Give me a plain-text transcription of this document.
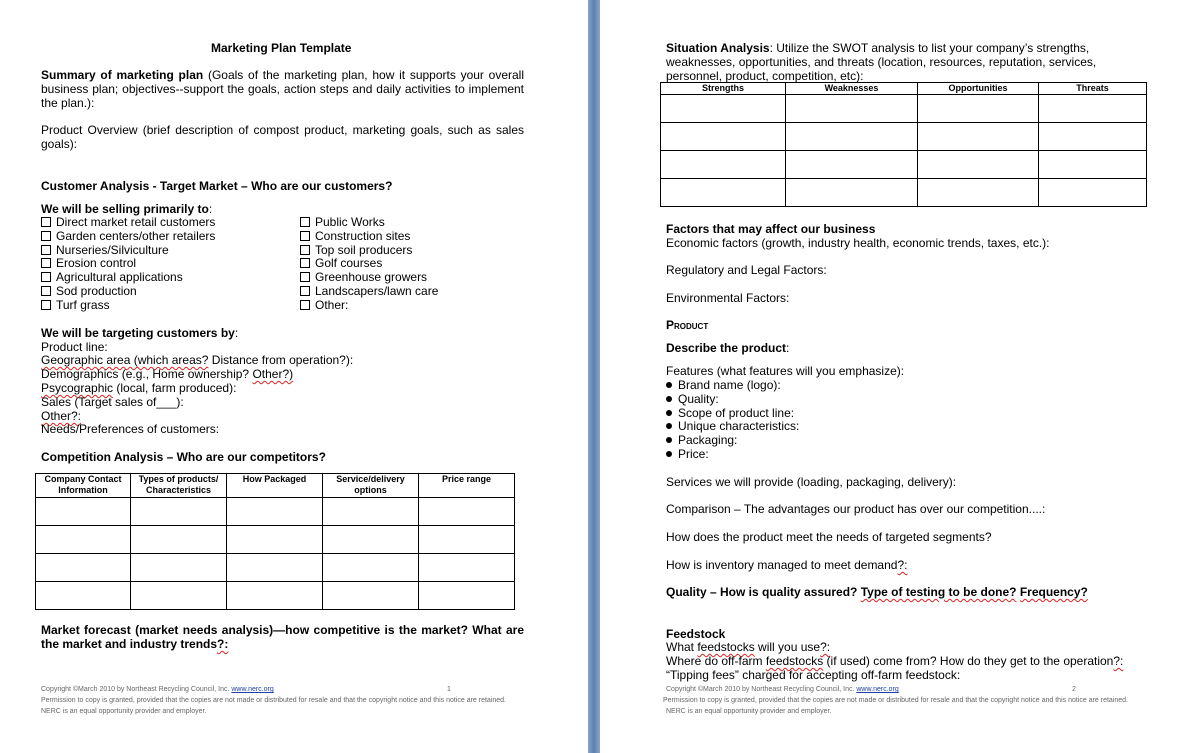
Marketing Plan Template
Summary of marketing plan (Goals of the marketing plan, how it supports your overall business plan; objectives--support the goals, action steps and daily activities to implement the plan.):
Product Overview (brief description of compost product, marketing goals, such as sales goals):
Customer Analysis - Target Market – Who are our customers?
We will be selling primarily to:
Direct market retail customers
Garden centers/other retailers
Nurseries/Silviculture
Erosion control
Agricultural applications
Sod production
Turf grass
Public Works
Construction sites
Top soil producers
Golf courses
Greenhouse growers
Landscapers/lawn care
Other:
We will be targeting customers by:
Product line:
Geographic area (which areas? Distance from operation?):
Demographics (e.g., Home ownership? Other?)
Psycographic (local, farm produced):
Sales (Target sales of___):
Other?:
Needs/Preferences of customers:
Competition Analysis – Who are our competitors?
Company Contact Information	Types of products/ Characteristics	How Packaged	Service/delivery options	Price range

Market forecast (market needs analysis)—how competitive is the market? What are the market and industry trends?:
Copyright ©March 2010 by Northeast Recycling Council, Inc. www.nerc.org	1
Permission to copy is granted, provided that the copies are not made or distributed for resale and that the copyright notice and this notice are retained.
NERC is an equal opportunity provider and employer.
Situation Analysis: Utilize the SWOT analysis to list your company’s strengths, weaknesses, opportunities, and threats (location, resources, reputation, services, personnel, product, competition, etc):
Strengths	Weaknesses	Opportunities	Threats

Factors that may affect our business
Economic factors (growth, industry health, economic trends, taxes, etc.):
Regulatory and Legal Factors:
Environmental Factors:
Product
Describe the product:
Features (what features will you emphasize):
Brand name (logo):
Quality:
Scope of product line:
Unique characteristics:
Packaging:
Price:
Services we will provide (loading, packaging, delivery):
Comparison – The advantages our product has over our competition....:
How does the product meet the needs of targeted segments?
How is inventory managed to meet demand?:
Quality – How is quality assured? Type of testing to be done? Frequency?
Feedstock
What feedstocks will you use?:
Where do off-farm feedstocks (if used) come from? How do they get to the operation?:
“Tipping fees” charged for accepting off-farm feedstock:
Copyright ©March 2010 by Northeast Recycling Council, Inc. www.nerc.org	2
Permission to copy is granted, provided that the copies are not made or distributed for resale and that the copyright notice and this notice are retained.
NERC is an equal opportunity provider and employer.
